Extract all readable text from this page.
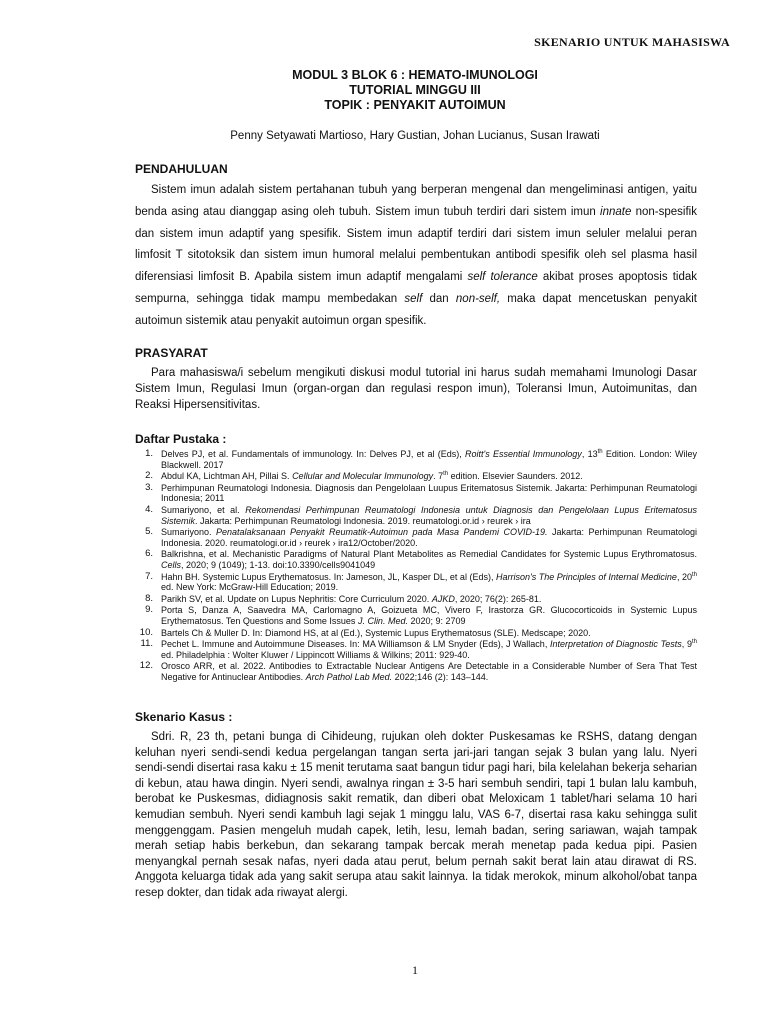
SKENARIO UNTUK MAHASISWA
MODUL 3 BLOK 6 : HEMATO-IMUNOLOGI
TUTORIAL MINGGU III
TOPIK : PENYAKIT AUTOIMUN
Penny Setyawati Martioso, Hary Gustian, Johan Lucianus, Susan Irawati
PENDAHULUAN

Sistem imun adalah sistem pertahanan tubuh yang berperan mengenal dan mengeliminasi antigen, yaitu benda asing atau dianggap asing oleh tubuh. Sistem imun tubuh terdiri dari sistem imun innate non-spesifik dan sistem imun adaptif yang spesifik. Sistem imun adaptif terdiri dari sistem imun seluler melalui peran limfosit T sitotoksik dan sistem imun humoral melalui pembentukan antibodi spesifik oleh sel plasma hasil diferensiasi limfosit B. Apabila sistem imun adaptif mengalami self tolerance akibat proses apoptosis tidak sempurna, sehingga tidak mampu membedakan self dan non-self, maka dapat mencetuskan penyakit autoimun sistemik atau penyakit autoimun organ spesifik.

PRASYARAT

Para mahasiswa/i sebelum mengikuti diskusi modul tutorial ini harus sudah memahami Imunologi Dasar Sistem Imun, Regulasi Imun (organ-organ dan regulasi respon imun), Toleransi Imun, Autoimunitas, dan Reaksi Hipersensitivitas.

Daftar Pustaka :
1. Delves PJ, et al. Fundamentals of immunology. In: Delves PJ, et al (Eds), Roitt's Essential Immunology, 13th Edition. London: Wiley Blackwell. 2017
2. Abdul KA, Lichtman AH, Pillai S. Cellular and Molecular Immunology. 7th edition. Elsevier Saunders. 2012.
3. Perhimpunan Reumatologi Indonesia. Diagnosis dan Pengelolaan Luupus Eritematosus Sistemik. Jakarta: Perhimpunan Reumatologi Indonesia; 2011
4. Sumariyono, et al. Rekomendasi Perhimpunan Reumatologi Indonesia untuk Diagnosis dan Pengelolaan Lupus Eritematosus Sistemik. Jakarta: Perhimpunan Reumatologi Indonesia. 2019. reumatologi.or.id › reurek › ira
5. Sumariyono. Penatalaksanaan Penyakit Reumatik-Autoimun pada Masa Pandemi COVID-19. Jakarta: Perhimpunan Reumatologi Indonesia. 2020. reumatologi.or.id › reurek › ira12/October/2020.
6. Balkrishna, et al. Mechanistic Paradigms of Natural Plant Metabolites as Remedial Candidates for Systemic Lupus Erythromatosus. Cells, 2020; 9 (1049); 1-13. doi:10.3390/cells9041049
7. Hahn BH. Systemic Lupus Erythematosus. In: Jameson, JL, Kasper DL, et al (Eds), Harrison's The Principles of Internal Medicine, 20th ed. New York: McGraw-Hill Education; 2019.
8. Parikh SV, et al. Update on Lupus Nephritis: Core Curriculum 2020. AJKD, 2020; 76(2): 265-81.
9. Porta S, Danza A, Saavedra MA, Carlomagno A, Goizueta MC, Vivero F, Irastorza GR. Glucocorticoids in Systemic Lupus Erythematosus. Ten Questions and Some Issues J. Clin. Med. 2020; 9: 2709
10. Bartels Ch & Muller D. In: Diamond HS, at al (Ed.), Systemic Lupus Erythematosus (SLE). Medscape; 2020.
11. Pechet L. Immune and Autoimmune Diseases. In: MA Williamson & LM Snyder (Eds), J Wallach, Interpretation of Diagnostic Tests, 9th ed. Philadelphia : Wolter Kluwer / Lippincott Williams & Wilkins; 2011: 929-40.
12. Orosco ARR, et al. 2022. Antibodies to Extractable Nuclear Antigens Are Detectable in a Considerable Number of Sera That Test Negative for Antinuclear Antibodies. Arch Pathol Lab Med. 2022;146 (2): 143–144.
Skenario Kasus :

Sdri. R, 23 th, petani bunga di Cihideung, rujukan oleh dokter Puskesamas ke RSHS, datang dengan keluhan nyeri sendi-sendi kedua pergelangan tangan serta jari-jari tangan sejak 3 bulan yang lalu. Nyeri sendi-sendi disertai rasa kaku ± 15 menit terutama saat bangun tidur pagi hari, bila kelelahan bekerja seharian di kebun, atau hawa dingin. Nyeri sendi, awalnya ringan ± 3-5 hari sembuh sendiri, tapi 1 bulan lalu kambuh, berobat ke Puskesmas, didiagnosis sakit rematik, dan diberi obat Meloxicam 1 tablet/hari selama 10 hari kemudian sembuh. Nyeri sendi kambuh lagi sejak 1 minggu lalu, VAS 6-7, disertai rasa kaku sehingga sulit menggenggam. Pasien mengeluh mudah capek, letih, lesu, lemah badan, sering sariawan, wajah tampak merah setiap habis berkebun, dan sekarang tampak bercak merah menetap pada kedua pipi. Pasien menyangkal pernah sesak nafas, nyeri dada atau perut, belum pernah sakit berat lain atau dirawat di RS. Anggota keluarga tidak ada yang sakit serupa atau sakit lainnya. Ia tidak merokok, minum alkohol/obat tanpa resep dokter, dan tidak ada riwayat alergi.

1
